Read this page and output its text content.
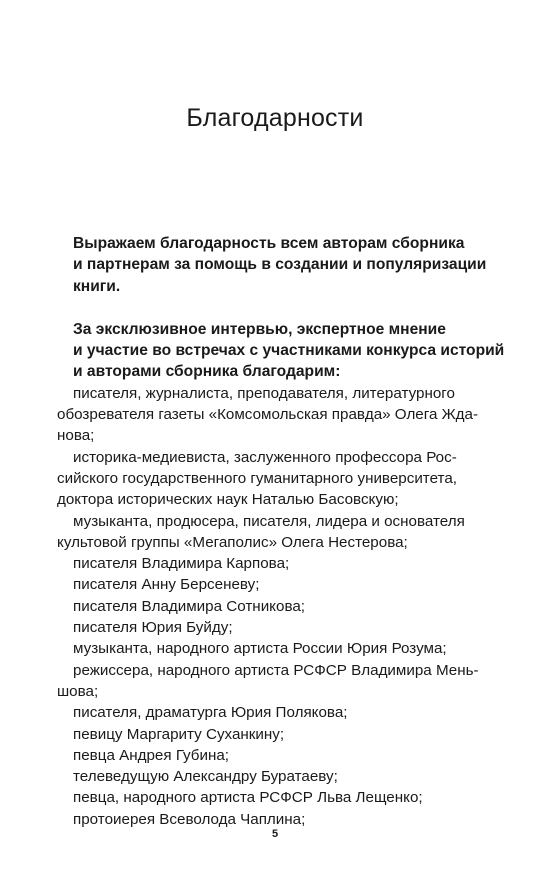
Благодарности
Выражаем благодарность всем авторам сборника
и партнерам за помощь в создании и популяризации
книги.
За эксклюзивное интервью, экспертное мнение
и участие во встречах с участниками конкурса историй
и авторами сборника благодарим:
писателя, журналиста, преподавателя, литературного
обозревателя газеты «Комсомольская правда» Олега Жда-
нова;
историка-медиевиста, заслуженного профессора Рос-
сийского государственного гуманитарного университета,
доктора исторических наук Наталью Басовскую;
музыканта, продюсера, писателя, лидера и основателя
культовой группы «Мегаполис» Олега Нестерова;
писателя Владимира Карпова;
писателя Анну Берсеневу;
писателя Владимира Сотникова;
писателя Юрия Буйду;
музыканта, народного артиста России Юрия Розума;
режиссера, народного артиста РСФСР Владимира Мень-
шова;
писателя, драматурга Юрия Полякова;
певицу Маргариту Суханкину;
певца Андрея Губина;
телеведущую Александру Буратаеву;
певца, народного артиста РСФСР Льва Лещенко;
протоиерея Всеволода Чаплина;
5
